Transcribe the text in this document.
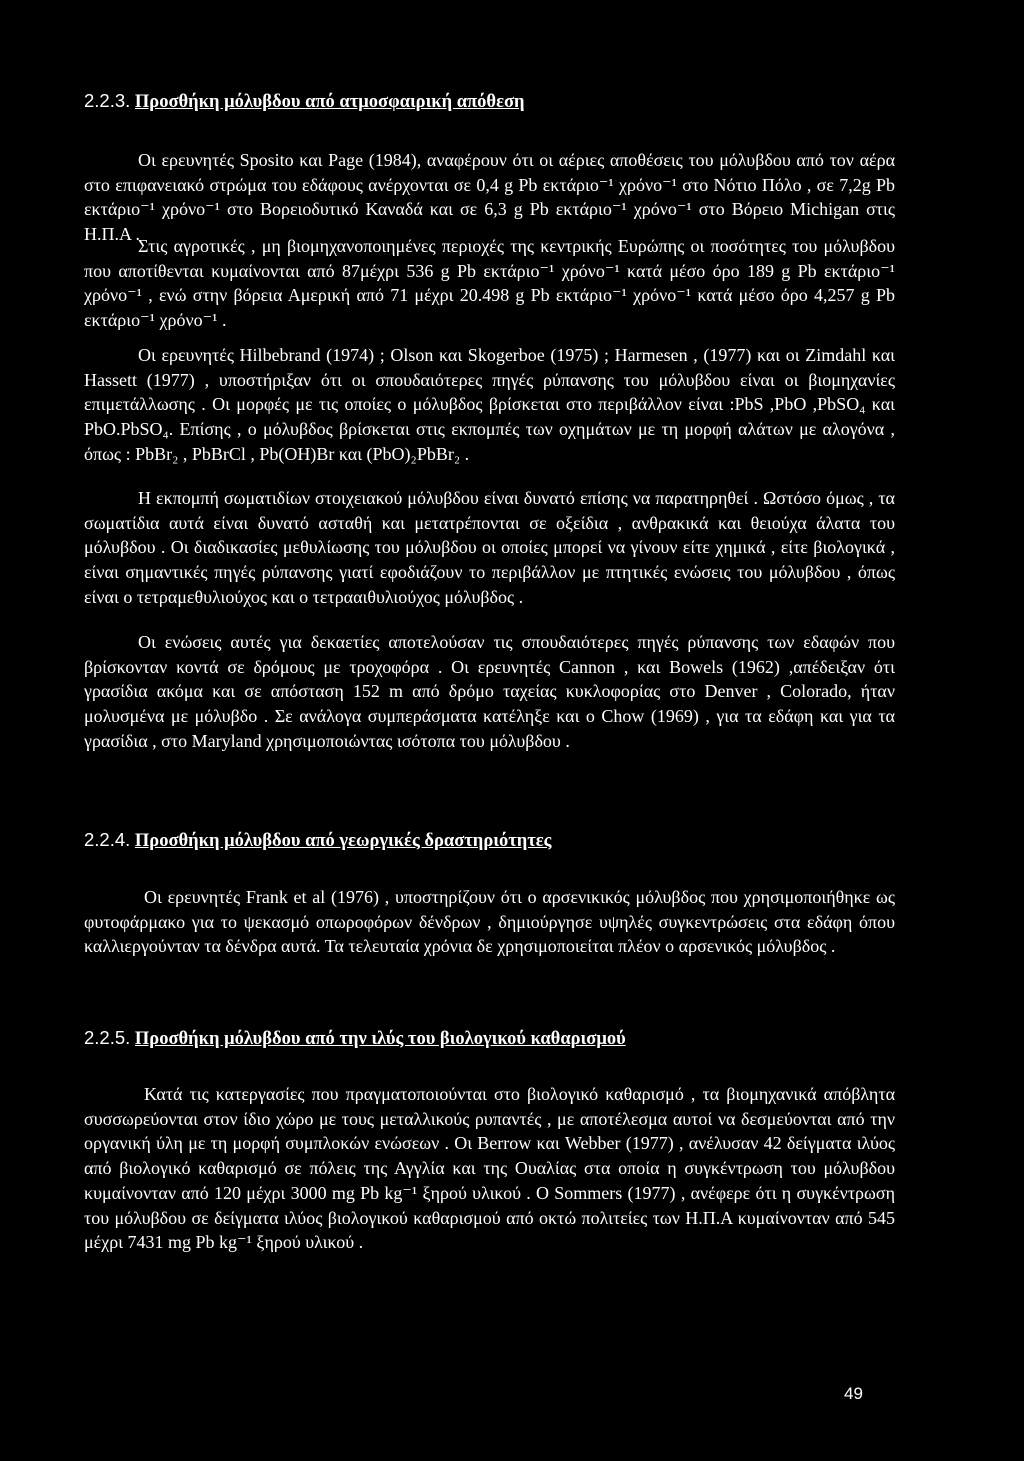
2.2.3. Προσθήκη μόλυβδου από ατμοσφαιρική απόθεση

Οι ερευνητές Sposito και Page (1984), αναφέρουν ότι οι αέριες αποθέσεις του μόλυβδου από τον αέρα στο επιφανειακό στρώμα του εδάφους ανέρχονται σε 0,4 g Pb εκτάριο⁻¹ χρόνο⁻¹ στο Νότιο Πόλο , σε 7,2g Pb εκτάριο⁻¹ χρόνο⁻¹ στο Βορειοδυτικό Καναδά και σε 6,3 g Pb εκτάριο⁻¹ χρόνο⁻¹ στο Βόρειο Michigan στις Η.Π.Α .

Στις αγροτικές , μη βιομηχανοποιημένες περιοχές της κεντρικής Ευρώπης οι ποσότητες του μόλυβδου που αποτίθενται κυμαίνονται από 87μέχρι 536 g Pb εκτάριο⁻¹ χρόνο⁻¹ κατά μέσο όρο 189 g Pb εκτάριο⁻¹ χρόνο⁻¹ , ενώ στην βόρεια Αμερική από 71 μέχρι 20.498 g Pb εκτάριο⁻¹ χρόνο⁻¹ κατά μέσο όρο 4,257 g Pb εκτάριο⁻¹ χρόνο⁻¹ .

Οι ερευνητές Hilbebrand (1974) ; Olson και Skogerboe (1975) ; Harmesen , (1977) και οι Zimdahl και Hassett (1977) , υποστήριξαν ότι οι σπουδαιότερες πηγές ρύπανσης του μόλυβδου είναι οι βιομηχανίες επιμετάλλωσης . Οι μορφές με τις οποίες ο μόλυβδος βρίσκεται στο περιβάλλον είναι :PbS ,PbO ,PbSO₄ και PbO.PbSO₄. Επίσης , ο μόλυβδος βρίσκεται στις εκπομπές των οχημάτων με τη μορφή αλάτων με αλογόνα , όπως : PbBr₂ , PbBrCl , Pb(OH)Br και (PbO)₂PbBr₂ .

Η εκπομπή σωματιδίων στοιχειακού μόλυβδου είναι δυνατό επίσης να παρατηρηθεί . Ωστόσο όμως , τα σωματίδια αυτά είναι δυνατό ασταθή και μετατρέπονται σε οξείδια , ανθρακικά και θειούχα άλατα του μόλυβδου . Οι διαδικασίες μεθυλίωσης του μόλυβδου οι οποίες μπορεί να γίνουν είτε χημικά , είτε βιολογικά , είναι σημαντικές πηγές ρύπανσης γιατί εφοδιάζουν το περιβάλλον με πτητικές ενώσεις του μόλυβδου , όπως είναι ο τετραμεθυλιούχος και ο τετρααιθυλιούχος μόλυβδος .

Οι ενώσεις αυτές για δεκαετίες αποτελούσαν τις σπουδαιότερες πηγές ρύπανσης των εδαφών που βρίσκονταν κοντά σε δρόμους με τροχοφόρα . Οι ερευνητές Cannon , και Bowels (1962) ,απέδειξαν ότι γρασίδια ακόμα και σε απόσταση 152 m από δρόμο ταχείας κυκλοφορίας στο Denver , Colorado, ήταν μολυσμένα με μόλυβδο . Σε ανάλογα συμπεράσματα κατέληξε και ο Chow (1969) , για τα εδάφη και για τα γρασίδια , στο Maryland χρησιμοποιώντας ισότοπα του μόλυβδου .

2.2.4. Προσθήκη μόλυβδου από γεωργικές δραστηριότητες

Οι ερευνητές Frank et al (1976) , υποστηρίζουν ότι ο αρσενικικός μόλυβδος που χρησιμοποιήθηκε ως φυτοφάρμακο για το ψεκασμό οπωροφόρων δένδρων , δημιούργησε υψηλές συγκεντρώσεις στα εδάφη όπου καλλιεργούνταν τα δένδρα αυτά. Τα τελευταία χρόνια δε χρησιμοποιείται πλέον ο αρσενικός μόλυβδος .

2.2.5. Προσθήκη μόλυβδου από την ιλύς του βιολογικού καθαρισμού

Κατά τις κατεργασίες που πραγματοποιούνται στο βιολογικό καθαρισμό , τα βιομηχανικά απόβλητα συσσωρεύονται στον ίδιο χώρο με τους μεταλλικούς ρυπαντές , με αποτέλεσμα αυτοί να δεσμεύονται από την οργανική ύλη με τη μορφή συμπλοκών ενώσεων . Οι Berrow και Webber (1977) , ανέλυσαν 42 δείγματα ιλύος από βιολογικό καθαρισμό σε πόλεις της Αγγλία και της Ουαλίας στα οποία η συγκέντρωση του μόλυβδου κυμαίνονταν από 120 μέχρι 3000 mg Pb kg⁻¹ ξηρού υλικού . Ο Sommers (1977) , ανέφερε ότι η συγκέντρωση του μόλυβδου σε δείγματα ιλύος βιολογικού καθαρισμού από οκτώ πολιτείες των Η.Π.Α κυμαίνονταν από 545 μέχρι 7431 mg Pb kg⁻¹ ξηρού υλικού .

49
